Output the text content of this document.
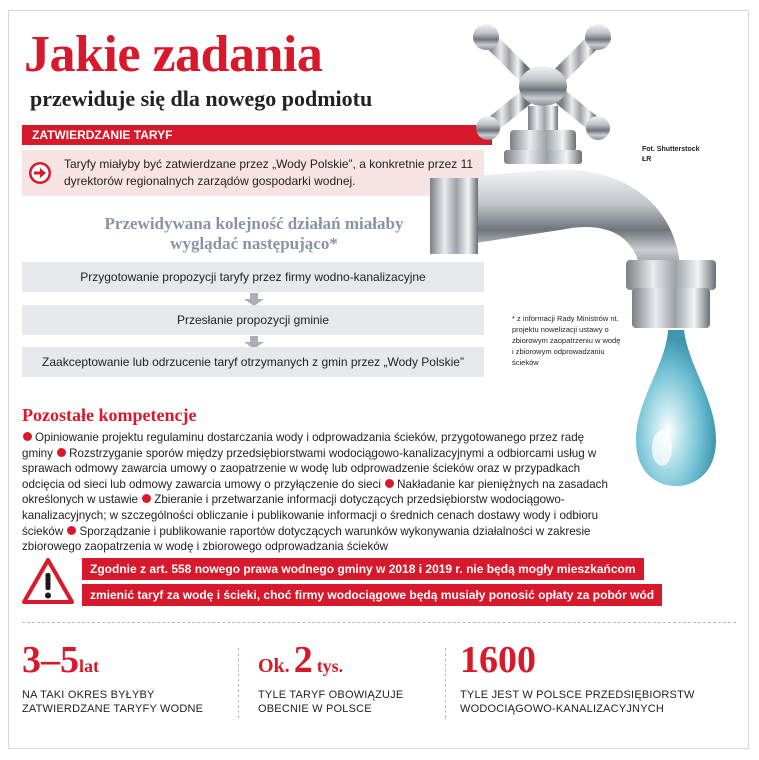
Jakie zadania
przewiduje się dla nowego podmiotu
ZATWIERDZANIE TARYF
Taryfy miałyby być zatwierdzane przez „Wody Polskie”, a konkretnie przez 11 dyrektorów regionalnych zarządów gospodarki wodnej.
Przewidywana kolejność działań miałaby wyglądać następująco*
Przygotowanie propozycji taryfy przez firmy wodno-kanalizacyjne
Przesłanie propozycji gminie
Zaakceptowanie lub odrzucenie taryf otrzymanych z gmin przez „Wody Polskie”
Fot. Shutterstock
ŁR
* z informacji Rady Ministrów nt. projektu nowelizacji ustawy o zbiorowym zaopatrzeniu w wodę i zbiorowym odprowadzaniu ścieków
Pozostałe kompetencje
Opiniowanie projektu regulaminu dostarczania wody i odprowadzania ścieków, przygotowanego przez radę gminy Rozstrzyganie sporów między przedsiębiorstwami wodociągowo-kanalizacyjnymi a odbiorcami usług w sprawach odmowy zawarcia umowy o zaopatrzenie w wodę lub odprowadzenie ścieków oraz w przypadkach odcięcia od sieci lub odmowy zawarcia umowy o przyłączenie do sieci Nakładanie kar pieniężnych na zasadach określonych w ustawie Zbieranie i przetwarzanie informacji dotyczących przedsiębiorstw wodociągowo-kanalizacyjnych; w szczególności obliczanie i publikowanie informacji o średnich cenach dostawy wody i odbioru ścieków Sporządzanie i publikowanie raportów dotyczących warunków wykonywania działalności w zakresie zbiorowego zaopatrzenia w wodę i zbiorowego odprowadzania ścieków
Zgodnie z art. 558 nowego prawa wodnego gminy w 2018 i 2019 r. nie będą mogły mieszkańcom
zmienić taryf za wodę i ścieki, choć firmy wodociągowe będą musiały ponosić opłaty za pobór wód
3–5lat
NA TAKI OKRES BYŁYBY
ZATWIERDZANE TARYFY WODNE
Ok. 2 tys.
TYLE TARYF OBOWIĄZUJE
OBECNIE W POLSCE
1600
TYLE JEST W POLSCE PRZEDSIĘBIORSTW
WODOCIĄGOWO-KANALIZACYJNYCH
